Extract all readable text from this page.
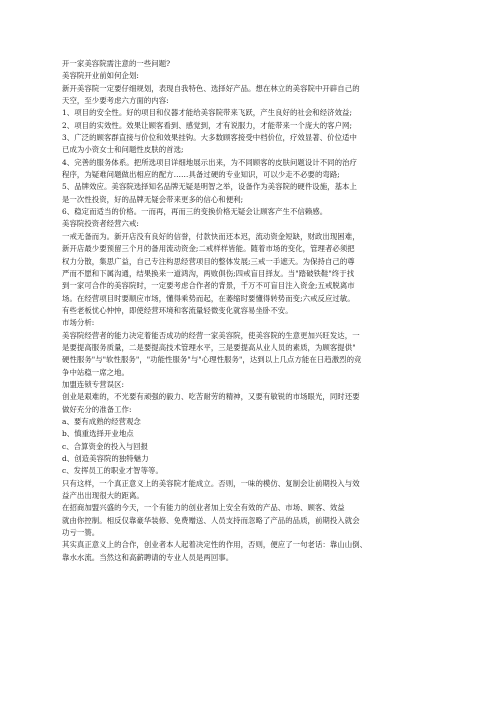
开一家美容院需注意的一些问题?
美容院开业前如何企划:
新开美容院一定要仔细规划，表现自我特色、选择好产品。想在林立的美容院中开辟自己的
天空，至少要考虑六方面的内容:
1、项目的安全性。好的项目和仪器才能给美容院带来飞跃，产生良好的社会和经济效益;
2、项目的实效性。效果让顾客看到、感觉到，才有说服力，才能带来一个庞大的客户网;
3、广泛的顾客群直接与价位和效果挂钩。大多数顾客接受中档价位，疗效显著、价位适中
已成为小资女士和问题性皮肤的首选;
4、完善的服务体系。把所选项目详细地展示出来，为不同顾客的皮肤问题设计不同的治疗
程序，为疑难问题做出相应的配方……具备过硬的专业知识，可以少走不必要的弯路;
5、品牌效应。美容院选择知名品牌无疑是明智之举，设备作为美容院的硬件设施，基本上
是一次性投资，好的品牌无疑会带来更多的信心和便利;
6、稳定而适当的价格。一而再，再而三的变换价格无疑会让顾客产生不信赖感。
美容院投资者经营六戒:
一戒无备而为。新开店没有良好的信誉，付款快而还本迟，流动资金短缺，财政出现困难，
新开店最少要预留三个月的备用流动资金;二戒样样皆能。随着市场的变化，管理者必须把
权力分散，集思广益，自己专注构思经营项目的整体发展;三戒一手遮天。为保持自己的尊
严而不愿和下属沟通，结果换来一道鸿沟，两败俱伤;四戒盲目择友。当"踏破铁鞋"终于找
到一家可合作的美容院时，一定要考虑合作者的背景，千万不可盲目注入资金;五戒脱离市
场。在经营项目时要顺应市场，懂得乘势而起，在萎缩时要懂得转势而变;六戒反应过敏。
有些老板忧心忡忡，即使经营环境和客流量轻微变化就容易坐卧不安。
市场分析:
美容院经营者的能力决定着能否成功的经营一家美容院，使美容院的生意更加兴旺发达，一
是要提高服务质量，二是要提高技术管理水平，三是要提高从业人员的素质，为顾客提供"
硬性服务"与"软性服务"，"功能性服务"与"心理性服务"，达到以上几点方能在日趋激烈的竞
争中站稳一席之地。
加盟连锁专营误区:
创业是艰难的，不光要有顽强的毅力、吃苦耐劳的精神，又要有敏锐的市场眼光，同时还要
做好充分的准备工作:
a、要有成熟的经营观念
b、慎重选择开业地点
c、合算资金的投入与回报
d、创造美容院的独特魅力
c、发挥员工的职业才智等等。
只有这样，一个真正意义上的美容院才能成立。否则，一味的模仿、复制会让前期投入与效
益产出出现很大的距离。
在招商加盟兴盛的今天，一个有能力的创业者加上安全有效的产品、市场、顾客、效益
就由你控制。相反仅靠豪华装修、免费赠送、人员支持而忽略了产品的品质，前期投入就会
功亏一篑。
其实真正意义上的合作，创业者本人起着决定性的作用，否则，便应了一句老话：靠山山倒、
靠水水流。当然这和高薪聘请的专业人员是两回事。
